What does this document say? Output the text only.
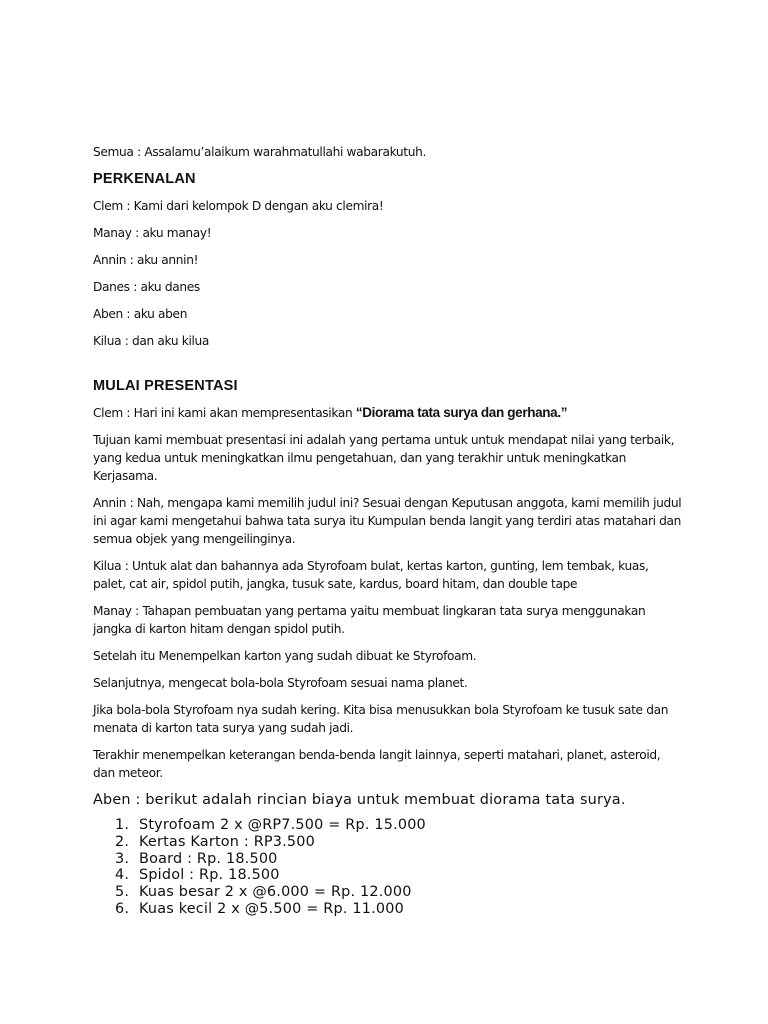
Semua : Assalamu’alaikum warahmatullahi wabarakutuh.

PERKENALAN

Clem : Kami dari kelompok D dengan aku clemira!

Manay : aku manay!

Annin : aku annin!

Danes : aku danes

Aben : aku aben

Kilua : dan aku kilua

MULAI PRESENTASI

Clem : Hari ini kami akan mempresentasikan “Diorama tata surya dan gerhana.”

Tujuan kami membuat presentasi ini adalah yang pertama untuk untuk mendapat nilai yang terbaik, yang kedua untuk meningkatkan ilmu pengetahuan, dan yang terakhir untuk meningkatkan Kerjasama.

Annin : Nah, mengapa kami memilih judul ini? Sesuai dengan Keputusan anggota, kami memilih judul ini agar kami mengetahui bahwa tata surya itu Kumpulan benda langit yang terdiri atas matahari dan semua objek yang mengeilinginya.

Kilua : Untuk alat dan bahannya ada Styrofoam bulat, kertas karton, gunting, lem tembak, kuas, palet, cat air, spidol putih, jangka, tusuk sate, kardus, board hitam, dan double tape

Manay : Tahapan pembuatan yang pertama yaitu membuat lingkaran tata surya menggunakan jangka di karton hitam dengan spidol putih.

Setelah itu Menempelkan karton yang sudah dibuat ke Styrofoam.

Selanjutnya, mengecat bola-bola Styrofoam sesuai nama planet.

Jika bola-bola Styrofoam nya sudah kering. Kita bisa menusukkan bola Styrofoam ke tusuk sate dan menata di karton tata surya yang sudah jadi.

Terakhir menempelkan keterangan benda-benda langit lainnya, seperti matahari, planet, asteroid, dan meteor.

Aben : berikut adalah rincian biaya untuk membuat diorama tata surya.

1. Styrofoam 2 x @RP7.500 = Rp. 15.000
2. Kertas Karton : RP3.500
3. Board : Rp. 18.500
4. Spidol : Rp. 18.500
5. Kuas besar 2 x @6.000 = Rp. 12.000
6. Kuas kecil 2 x @5.500 = Rp. 11.000
